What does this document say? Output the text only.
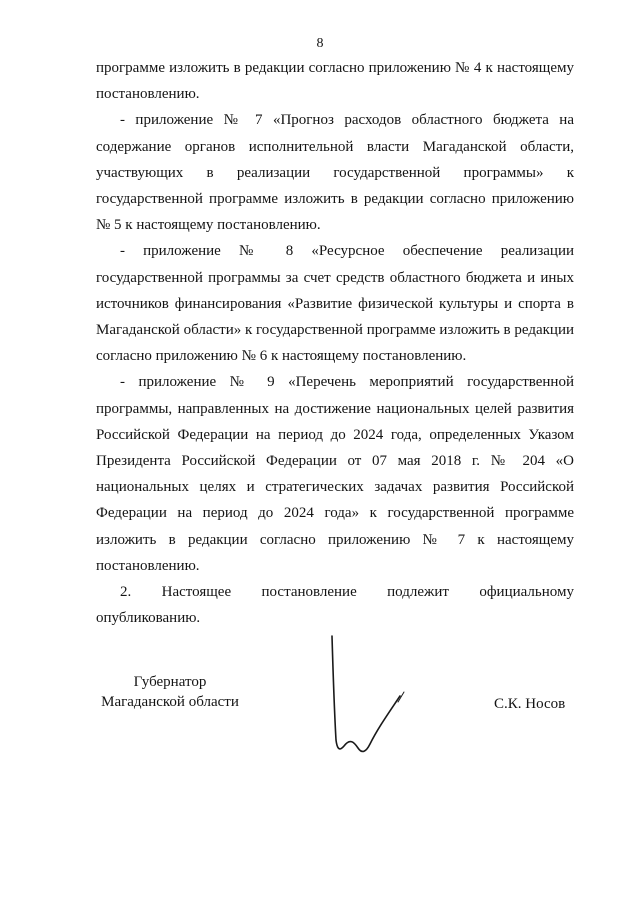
8

программе изложить в редакции согласно приложению № 4 к настоящему постановлению.

- приложение № 7 «Прогноз расходов областного бюджета на содержание органов исполнительной власти Магаданской области, участвующих в реализации государственной программы» к государственной программе изложить в редакции согласно приложению № 5 к настоящему постановлению.

- приложение № 8 «Ресурсное обеспечение реализации государственной программы за счет средств областного бюджета и иных источников финансирования «Развитие физической культуры и спорта в Магаданской области» к государственной программе изложить в редакции согласно приложению № 6 к настоящему постановлению.

- приложение № 9 «Перечень мероприятий государственной программы, направленных на достижение национальных целей развития Российской Федерации на период до 2024 года, определенных Указом Президента Российской Федерации от 07 мая 2018 г. № 204 «О национальных целях и стратегических задачах развития Российской Федерации на период до 2024 года» к государственной программе изложить в редакции согласно приложению № 7 к настоящему постановлению.

2. Настоящее постановление подлежит официальному опубликованию.

Губернатор
Магаданской области	С.К. Носов
